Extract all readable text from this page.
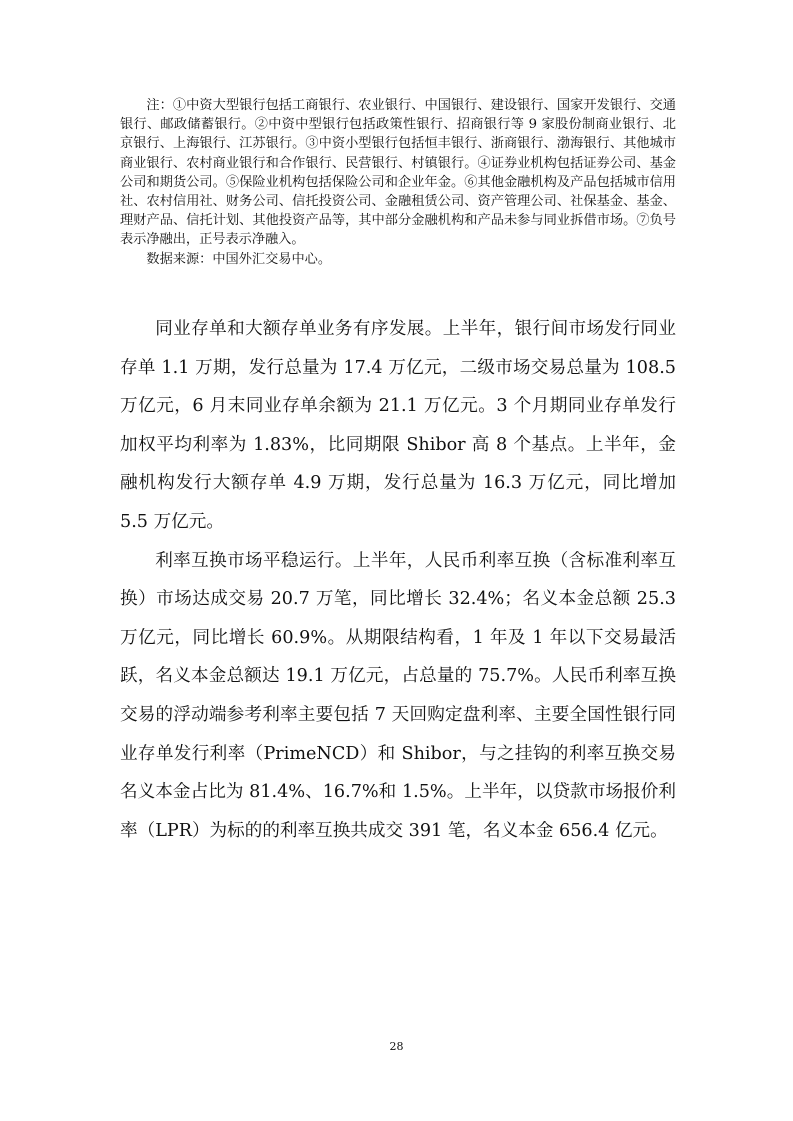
注：①中资大型银行包括工商银行、农业银行、中国银行、建设银行、国家开发银行、交通银行、邮政储蓄银行。②中资中型银行包括政策性银行、招商银行等 9 家股份制商业银行、北京银行、上海银行、江苏银行。③中资小型银行包括恒丰银行、浙商银行、渤海银行、其他城市商业银行、农村商业银行和合作银行、民营银行、村镇银行。④证券业机构包括证券公司、基金公司和期货公司。⑤保险业机构包括保险公司和企业年金。⑥其他金融机构及产品包括城市信用社、农村信用社、财务公司、信托投资公司、金融租赁公司、资产管理公司、社保基金、基金、理财产品、信托计划、其他投资产品等，其中部分金融机构和产品未参与同业拆借市场。⑦负号表示净融出，正号表示净融入。

数据来源：中国外汇交易中心。

同业存单和大额存单业务有序发展。上半年，银行间市场发行同业存单 1.1 万期，发行总量为 17.4 万亿元，二级市场交易总量为 108.5 万亿元，6 月末同业存单余额为 21.1 万亿元。3 个月期同业存单发行加权平均利率为 1.83%，比同期限 Shibor 高 8 个基点。上半年，金融机构发行大额存单 4.9 万期，发行总量为 16.3 万亿元，同比增加 5.5 万亿元。

利率互换市场平稳运行。上半年，人民币利率互换（含标准利率互换）市场达成交易 20.7 万笔，同比增长 32.4%；名义本金总额 25.3 万亿元，同比增长 60.9%。从期限结构看，1 年及 1 年以下交易最活跃，名义本金总额达 19.1 万亿元，占总量的 75.7%。人民币利率互换交易的浮动端参考利率主要包括 7 天回购定盘利率、主要全国性银行同业存单发行利率（PrimeNCD）和 Shibor，与之挂钩的利率互换交易名义本金占比为 81.4%、16.7%和 1.5%。上半年，以贷款市场报价利率（LPR）为标的的利率互换共成交 391 笔，名义本金 656.4 亿元。

28
